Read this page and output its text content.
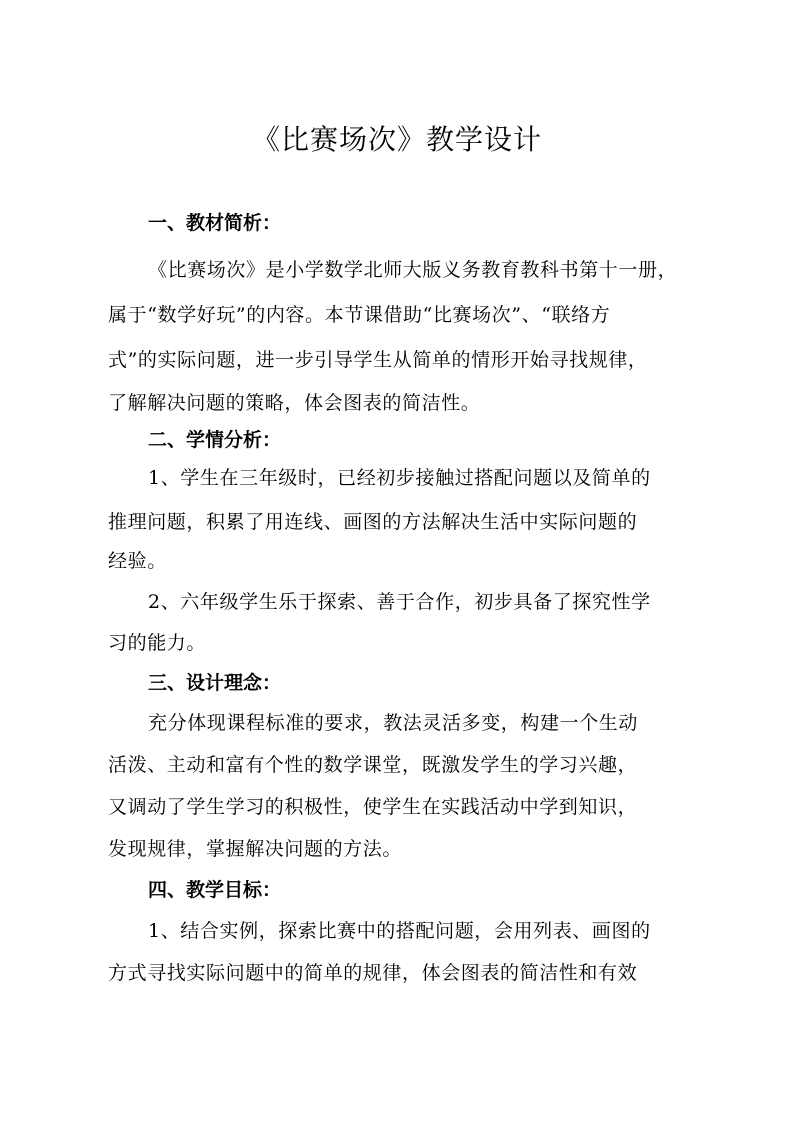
《比赛场次》教学设计
一、教材简析：
《比赛场次》是小学数学北师大版义务教育教科书第十一册，
属于“数学好玩”的内容。本节课借助“比赛场次”、“联络方
式”的实际问题，进一步引导学生从简单的情形开始寻找规律，
了解解决问题的策略，体会图表的简洁性。
二、学情分析：
1、学生在三年级时，已经初步接触过搭配问题以及简单的
推理问题，积累了用连线、画图的方法解决生活中实际问题的
经验。
2、六年级学生乐于探索、善于合作，初步具备了探究性学
习的能力。
三、设计理念：
充分体现课程标准的要求，教法灵活多变，构建一个生动
活泼、主动和富有个性的数学课堂，既激发学生的学习兴趣，
又调动了学生学习的积极性，使学生在实践活动中学到知识，
发现规律，掌握解决问题的方法。
四、教学目标：
1、结合实例，探索比赛中的搭配问题，会用列表、画图的
方式寻找实际问题中的简单的规律，体会图表的简洁性和有效
